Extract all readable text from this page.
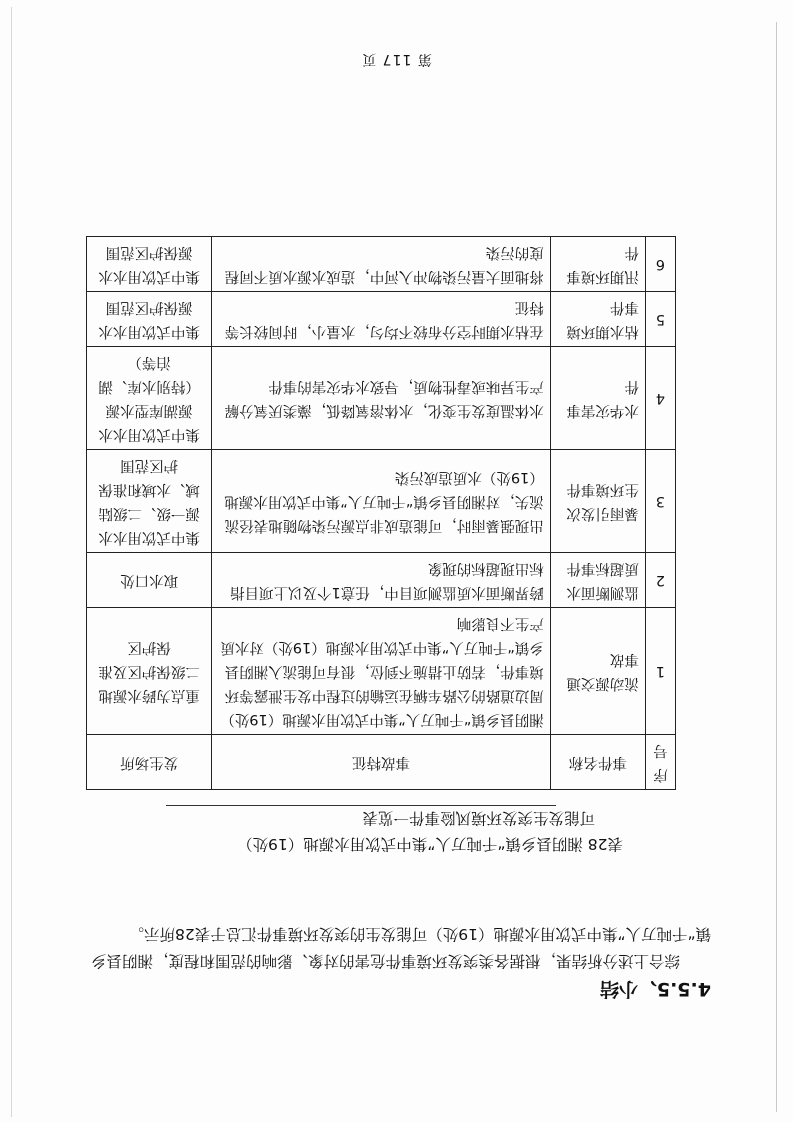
4.5.5、小结
综合上述分析结果，根据各类突发环境事件危害的对象、影响的范围和程度，湘阴县乡镇“千吨万人”集中式饮用水源地（19处）可能发生的突发环境事件汇总于表28所示。
表28 湘阴县乡镇“千吨万人”集中式饮用水源地（19处）
可能发生突发环境风险事件一览表
序号	事件名称	事故特征	发生场所
1	流动源交通事故	湘阴县乡镇“千吨万人”集中式饮用水源地（19处）周边道路的公路车辆在运输的过程中发生泄露等环境事件，若防止措施不到位，很有可能流入湘阴县乡镇“千吨万人”集中式饮用水源地（19处）对水质产生不良影响	重点为跨水源地二级保护区及准保护区
2	监测断面水质超标事件	跨界断面水质监测项目中，任意1个及以上项目指标出现超标的现象	取水口处
3	暴雨引发次生环境事件	出现强暴雨时，可能造成非点源污染物随地表径流流失，对湘阴县乡镇“千吨万人”集中式饮用水源地（19处）水质造成污染	集中式饮用水水源一级、二级陆域、水域和准保护区范围
4	水华灾害事件	水体温度发生变化，水体溶氧降低，藻类厌氧分解产生异味或毒性物质，导致水华灾害的事件	集中式饮用水水源湖库型水源（特别水库、湖泊等）
5	枯水期环境事件	在枯水期时空分布较不均匀，水量小，时间较长等特征	集中式饮用水水源保护区范围
6	汛期环境事件	将地面大量污染物冲入河中，造成水源水质不同程度的污染	集中式饮用水水源保护区范围
第 117 页
